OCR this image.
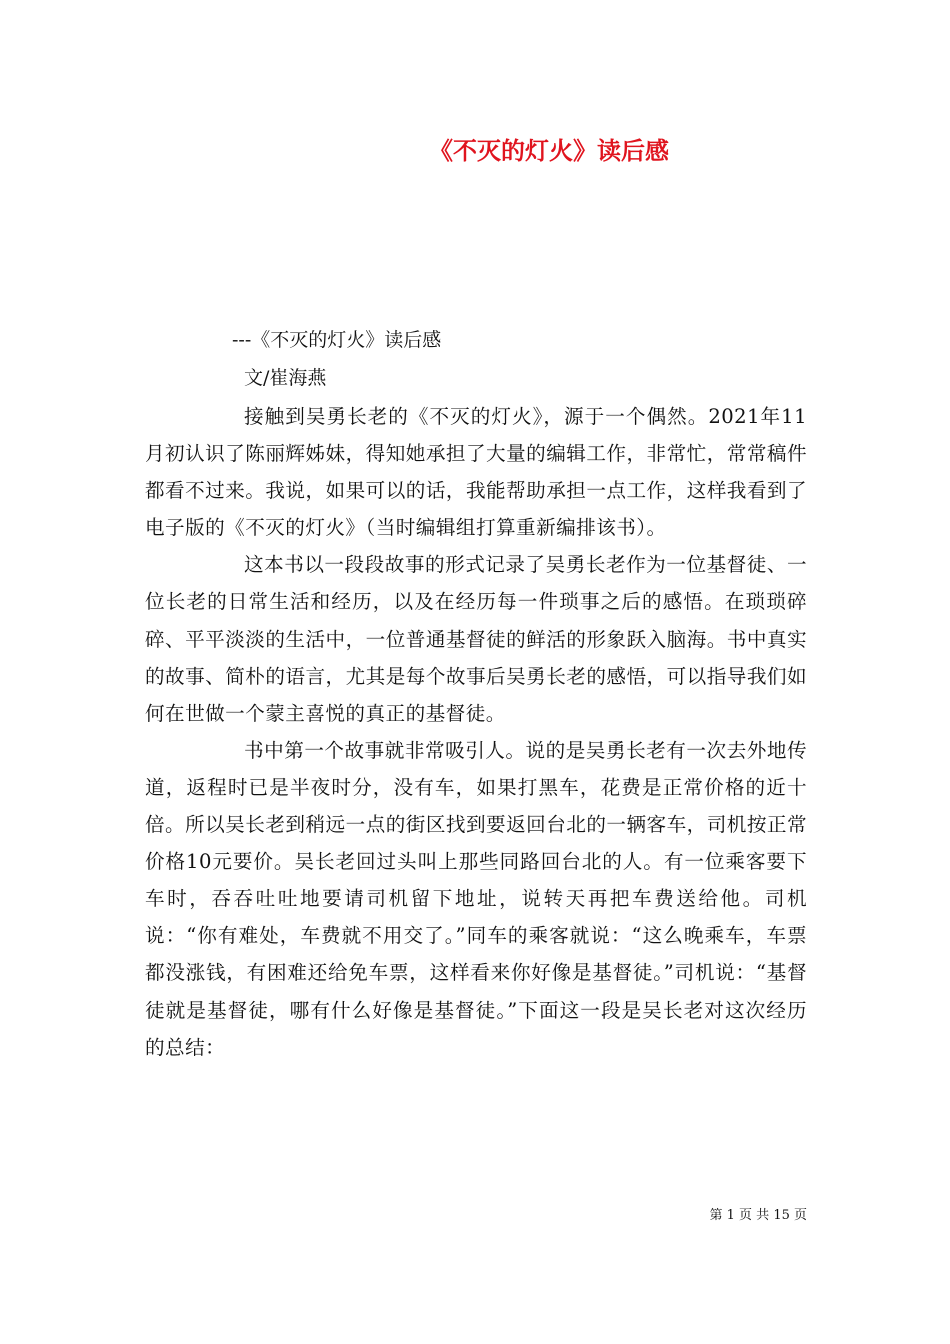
《不灭的灯火》读后感
---《不灭的灯火》读后感
文/崔海燕

接触到吴勇长老的《不灭的灯火》，源于一个偶然。2021年11月初认识了陈丽辉姊妹，得知她承担了大量的编辑工作，非常忙，常常稿件都看不过来。我说，如果可以的话，我能帮助承担一点工作，这样我看到了电子版的《不灭的灯火》（当时编辑组打算重新编排该书）。

这本书以一段段故事的形式记录了吴勇长老作为一位基督徒、一位长老的日常生活和经历，以及在经历每一件琐事之后的感悟。在琐琐碎碎、平平淡淡的生活中，一位普通基督徒的鲜活的形象跃入脑海。书中真实的故事、简朴的语言，尤其是每个故事后吴勇长老的感悟，可以指导我们如何在世做一个蒙主喜悦的真正的基督徒。

书中第一个故事就非常吸引人。说的是吴勇长老有一次去外地传道，返程时已是半夜时分，没有车，如果打黑车，花费是正常价格的近十倍。所以吴长老到稍远一点的街区找到要返回台北的一辆客车，司机按正常价格10元要价。吴长老回过头叫上那些同路回台北的人。有一位乘客要下车时，吞吞吐吐地要请司机留下地址，说转天再把车费送给他。司机说：“你有难处，车费就不用交了。”同车的乘客就说：“这么晚乘车，车票都没涨钱，有困难还给免车票，这样看来你好像是基督徒。”司机说：“基督徒就是基督徒，哪有什么好像是基督徒。”下面这一段是吴长老对这次经历的总结：

第 1 页 共 15 页
